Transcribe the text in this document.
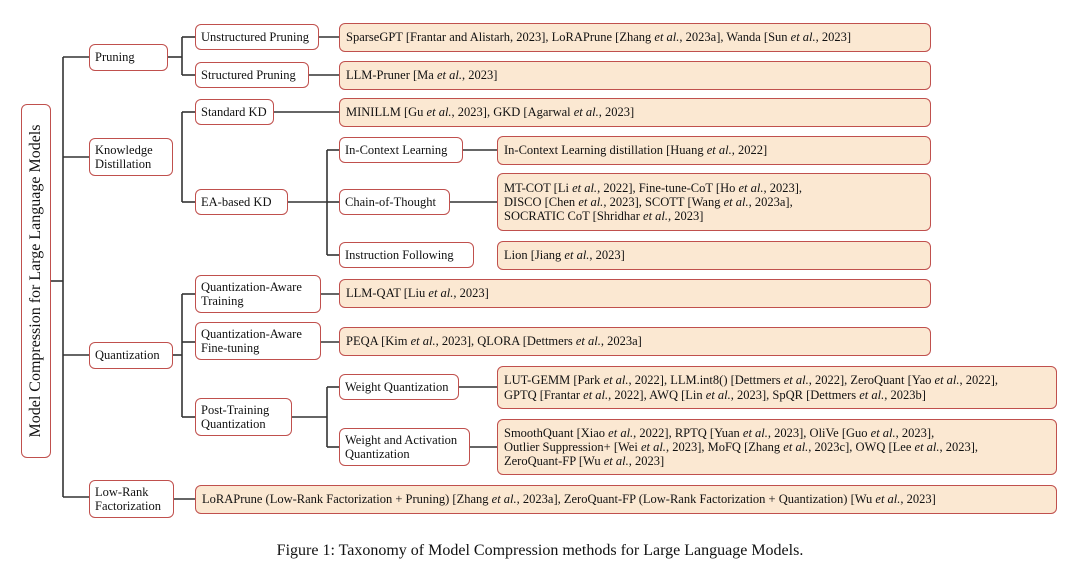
Model Compression for Large Language Models
Pruning
Knowledge
Distillation
Quantization
Low-Rank
Factorization
Unstructured Pruning
Structured Pruning
Standard KD
EA-based KD
Quantization-Aware
Training
Quantization-Aware
Fine-tuning
Post-Training
Quantization
In-Context Learning
Chain-of-Thought
Instruction Following
Weight Quantization
Weight and Activation
Quantization
SparseGPT [Frantar and Alistarh, 2023], LoRAPrune [Zhang et al., 2023a], Wanda [Sun et al., 2023]
LLM-Pruner [Ma et al., 2023]
MINILLM [Gu et al., 2023], GKD [Agarwal et al., 2023]
In-Context Learning distillation [Huang et al., 2022]
MT-COT [Li et al., 2022], Fine-tune-CoT [Ho et al., 2023],
DISCO [Chen et al., 2023], SCOTT [Wang et al., 2023a],
SOCRATIC CoT [Shridhar et al., 2023]
Lion [Jiang et al., 2023]
LLM-QAT [Liu et al., 2023]
PEQA [Kim et al., 2023], QLORA [Dettmers et al., 2023a]
LUT-GEMM [Park et al., 2022], LLM.int8() [Dettmers et al., 2022], ZeroQuant [Yao et al., 2022],
GPTQ [Frantar et al., 2022], AWQ [Lin et al., 2023], SpQR [Dettmers et al., 2023b]
SmoothQuant [Xiao et al., 2022], RPTQ [Yuan et al., 2023], OliVe [Guo et al., 2023],
Outlier Suppression+ [Wei et al., 2023], MoFQ [Zhang et al., 2023c], OWQ [Lee et al., 2023],
ZeroQuant-FP [Wu et al., 2023]
LoRAPrune (Low-Rank Factorization + Pruning) [Zhang et al., 2023a], ZeroQuant-FP (Low-Rank Factorization + Quantization) [Wu et al., 2023]
Figure 1: Taxonomy of Model Compression methods for Large Language Models.
